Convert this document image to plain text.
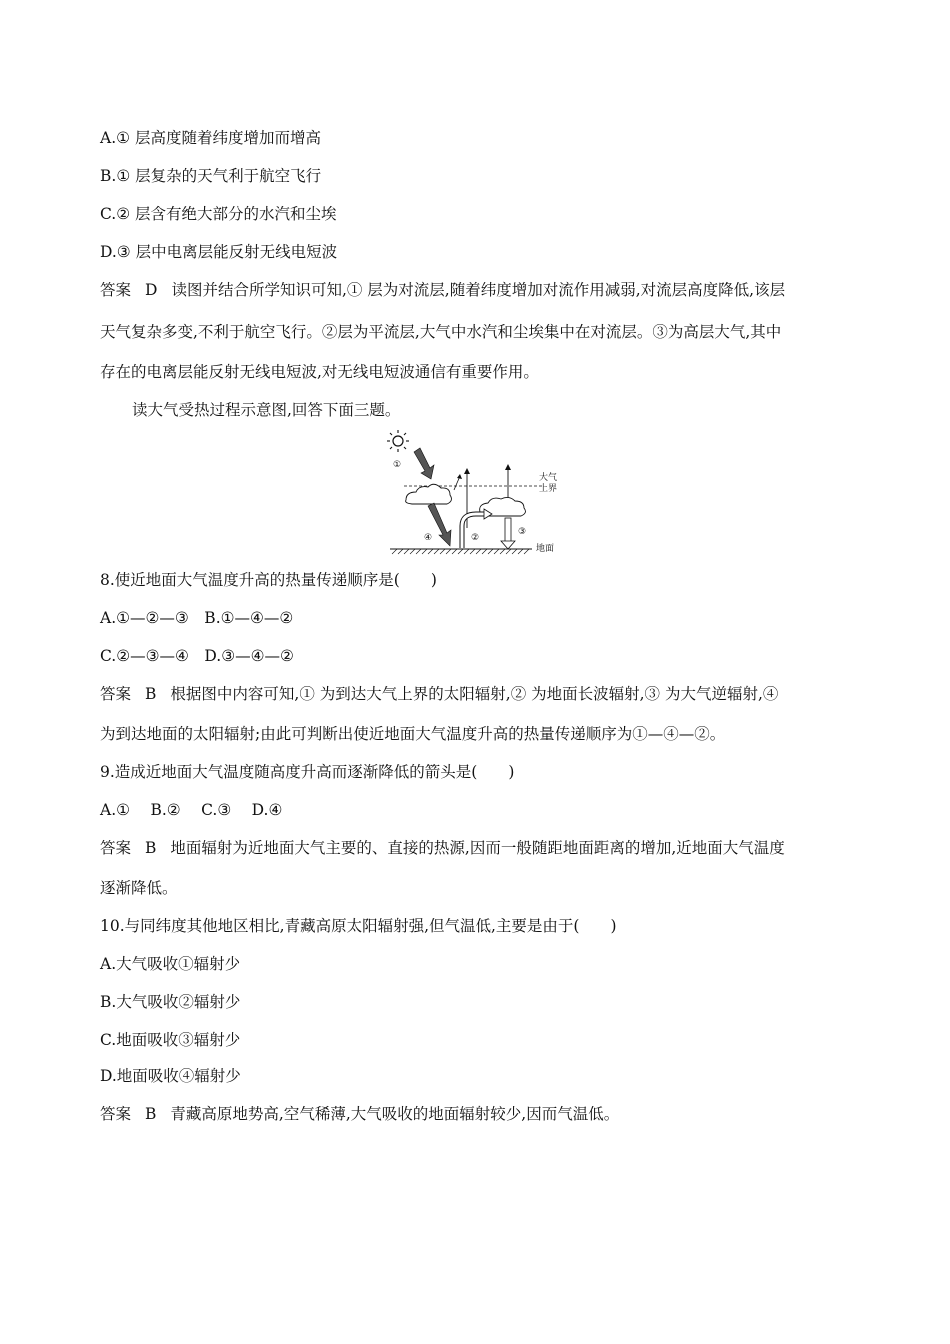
A.① 层高度随着纬度增加而增高
B.① 层复杂的天气利于航空飞行
C.② 层含有绝大部分的水汽和尘埃
D.③ 层中电离层能反射无线电短波
答案 D 读图并结合所学知识可知,① 层为对流层,随着纬度增加对流作用减弱,对流层高度降低,该层
天气复杂多变,不利于航空飞行。②层为平流层,大气中水汽和尘埃集中在对流层。③为高层大气,其中
存在的电离层能反射无线电短波,对无线电短波通信有重要作用。
读大气受热过程示意图,回答下面三题。
①
大气
上界
④	②
③
地面
8.使近地面大气温度升高的热量传递顺序是(　　)
A.①—②—③　B.①—④—②
C.②—③—④　D.③—④—②
答案 B 根据图中内容可知,① 为到达大气上界的太阳辐射,② 为地面长波辐射,③ 为大气逆辐射,④
为到达地面的太阳辐射;由此可判断出使近地面大气温度升高的热量传递顺序为①—④—②。
9.造成近地面大气温度随高度升高而逐渐降低的箭头是(　　)
A.①　 B.②　 C.③　 D.④
答案 B 地面辐射为近地面大气主要的、直接的热源,因而一般随距地面距离的增加,近地面大气温度
逐渐降低。
10.与同纬度其他地区相比,青藏高原太阳辐射强,但气温低,主要是由于(　　)
A.大气吸收①辐射少
B.大气吸收②辐射少
C.地面吸收③辐射少
D.地面吸收④辐射少
答案 B 青藏高原地势高,空气稀薄,大气吸收的地面辐射较少,因而气温低。
